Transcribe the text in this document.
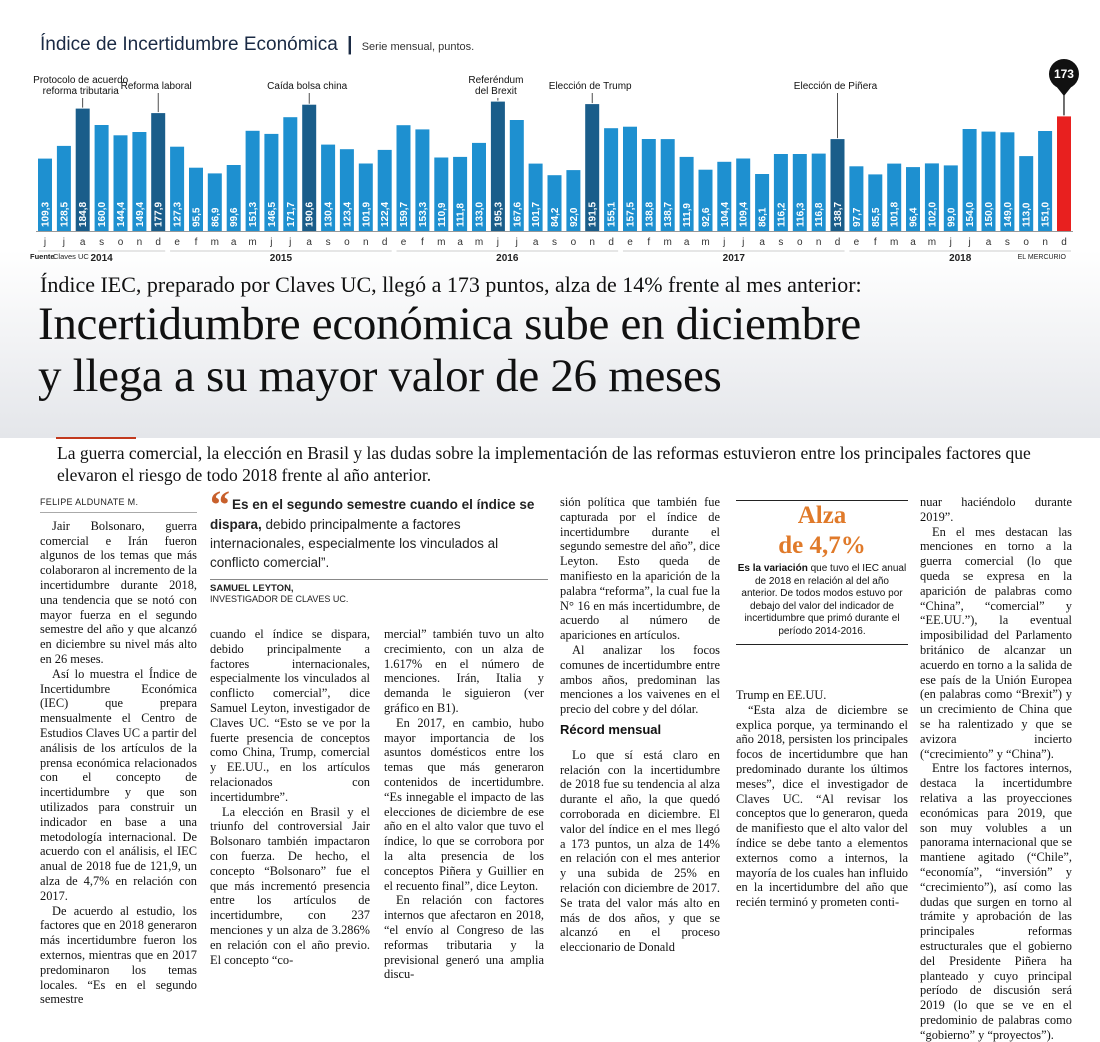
Índice de Incertidumbre Económica | Serie mensual, puntos.
109,3
j
128,5
j
184,8
a
160,0
s
144,4
o
149,4
n
177,9
d
127,3
e
95,5
f
86,9
m
99,6
a
151,3
m
146,5
j
171,7
j
190,6
a
130,4
s
123,4
o
101,9
n
122,4
d
159,7
e
153,3
f
110,9
m
111,8
a
133,0
m
195,3
j
167,6
j
101,7
a
84,2
s
92,0
o
191,5
n
155,1
d
157,5
e
138,8
f
138,7
m
111,9
a
92,6
m
104,4
j
109,4
j
86,1
a
116,2
s
116,3
o
116,8
n
138,7
d
97,7
e
85,5
f
101,8
m
96,4
a
102,0
m
99,0
j
154,0
j
150,0
a
149,0
s
113,0
o
151,0
n d
2014	2015	2016	2017	2018
Fuente
Claves UC	EL MERCURIO
Protocolo de acuerdo
reforma tributaria Reforma laboral	Caída bolsa china
Referéndum
del Brexit	Elección de Trump	Elección de Piñera
173
Índice IEC, preparado por Claves UC, llegó a 173 puntos, alza de 14% frente al mes anterior:
Incertidumbre económica sube en diciembre
y llega a su mayor valor de 26 meses
La guerra comercial, la elección en Brasil y las dudas sobre la implementación de las reformas estuvieron entre los principales factores que elevaron el riesgo de todo 2018 frente al año anterior.
FELIPE ALDUNATE M.

Jair Bolsonaro, guerra comercial e Irán fueron algunos de los temas que más colaboraron al incremento de la incertidumbre durante 2018, una tendencia que se notó con mayor fuerza en el segundo semestre del año y que alcanzó en diciembre su nivel más alto en 26 meses.

Así lo muestra el Índice de Incertidumbre Económica (IEC) que prepara mensualmente el Centro de Estudios Claves UC a partir del análisis de los artículos de la prensa económica relacionados con el concepto de incertidumbre y que son utilizados para construir un indicador en base a una metodología internacional. De acuerdo con el análisis, el IEC anual de 2018 fue de 121,9, un alza de 4,7% en relación con 2017.

De acuerdo al estudio, los factores que en 2018 generaron más incertidumbre fueron los externos, mientras que en 2017 predominaron los temas locales. “Es en el segundo semestre

“ Es en el segundo semestre cuando el índice se dispara, debido principalmente a factores internacionales, especialmente los vinculados al conflicto comercial”.
SAMUEL LEYTON,
INVESTIGADOR DE CLAVES UC.

cuando el índice se dispara, debido principalmente a factores internacionales, especialmente los vinculados al conflicto comercial”, dice Samuel Leyton, investigador de Claves UC. “Esto se ve por la fuerte presencia de conceptos como China, Trump, comercial y EE.UU., en los artículos relacionados con incertidumbre”.

La elección en Brasil y el triunfo del controversial Jair Bolsonaro también impactaron con fuerza. De hecho, el concepto “Bolsonaro” fue el que más incrementó presencia entre los artículos de incertidumbre, con 237 menciones y un alza de 3.286% en relación con el año previo. El concepto “co-

mercial” también tuvo un alto crecimiento, con un alza de 1.617% en el número de menciones. Irán, Italia y demanda le siguieron (ver gráfico en B1).

En 2017, en cambio, hubo mayor importancia de los asuntos domésticos entre los temas que más generaron contenidos de incertidumbre. “Es innegable el impacto de las elecciones de diciembre de ese año en el alto valor que tuvo el índice, lo que se corrobora por la alta presencia de los conceptos Piñera y Guillier en el recuento final”, dice Leyton.

En relación con factores internos que afectaron en 2018, “el envío al Congreso de las reformas tributaria y la previsional generó una amplia discu-

sión política que también fue capturada por el índice de incertidumbre durante el segundo semestre del año”, dice Leyton. Esto queda de manifiesto en la aparición de la palabra “reforma”, la cual fue la N° 16 en más incertidumbre, de acuerdo al número de apariciones en artículos.

Al analizar los focos comunes de incertidumbre entre ambos años, predominan las menciones a los vaivenes en el precio del cobre y del dólar.

Récord mensual

Lo que sí está claro en relación con la incertidumbre de 2018 fue su tendencia al alza durante el año, la que quedó corroborada en diciembre. El valor del índice en el mes llegó a 173 puntos, un alza de 14% en relación con el mes anterior y una subida de 25% en relación con diciembre de 2017. Se trata del valor más alto en más de dos años, y que se alcanzó en el proceso eleccionario de Donald

Alza
de 4,7%
Es la variación que tuvo el IEC anual de 2018 en relación al del año anterior. De todos modos estuvo por debajo del valor del indicador de incertidumbre que primó durante el período 2014-2016.

Trump en EE.UU.

“Esta alza de diciembre se explica porque, ya terminando el año 2018, persisten los principales focos de incertidumbre que han predominado durante los últimos meses”, dice el investigador de Claves UC. “Al revisar los conceptos que lo generaron, queda de manifiesto que el alto valor del índice se debe tanto a elementos externos como a internos, la mayoría de los cuales han influido en la incertidumbre del año que recién terminó y prometen conti-

nuar haciéndolo durante 2019”.

En el mes destacan las menciones en torno a la guerra comercial (lo que queda se expresa en la aparición de palabras como “China”, “comercial” y “EE.UU.”), la eventual imposibilidad del Parlamento británico de alcanzar un acuerdo en torno a la salida de ese país de la Unión Europea (en palabras como “Brexit”) y un crecimiento de China que se ha ralentizado y que se avizora incierto (“crecimiento” y “China”).

Entre los factores internos, destaca la incertidumbre relativa a las proyecciones económicas para 2019, que son muy volubles a un panorama internacional que se mantiene agitado (“Chile”, “economía”, “inversión” y “crecimiento”), así como las dudas que surgen en torno al trámite y aprobación de las principales reformas estructurales que el gobierno del Presidente Piñera ha planteado y cuyo principal período de discusión será 2019 (lo que se ve en el predominio de palabras como “gobierno” y “proyectos”).
